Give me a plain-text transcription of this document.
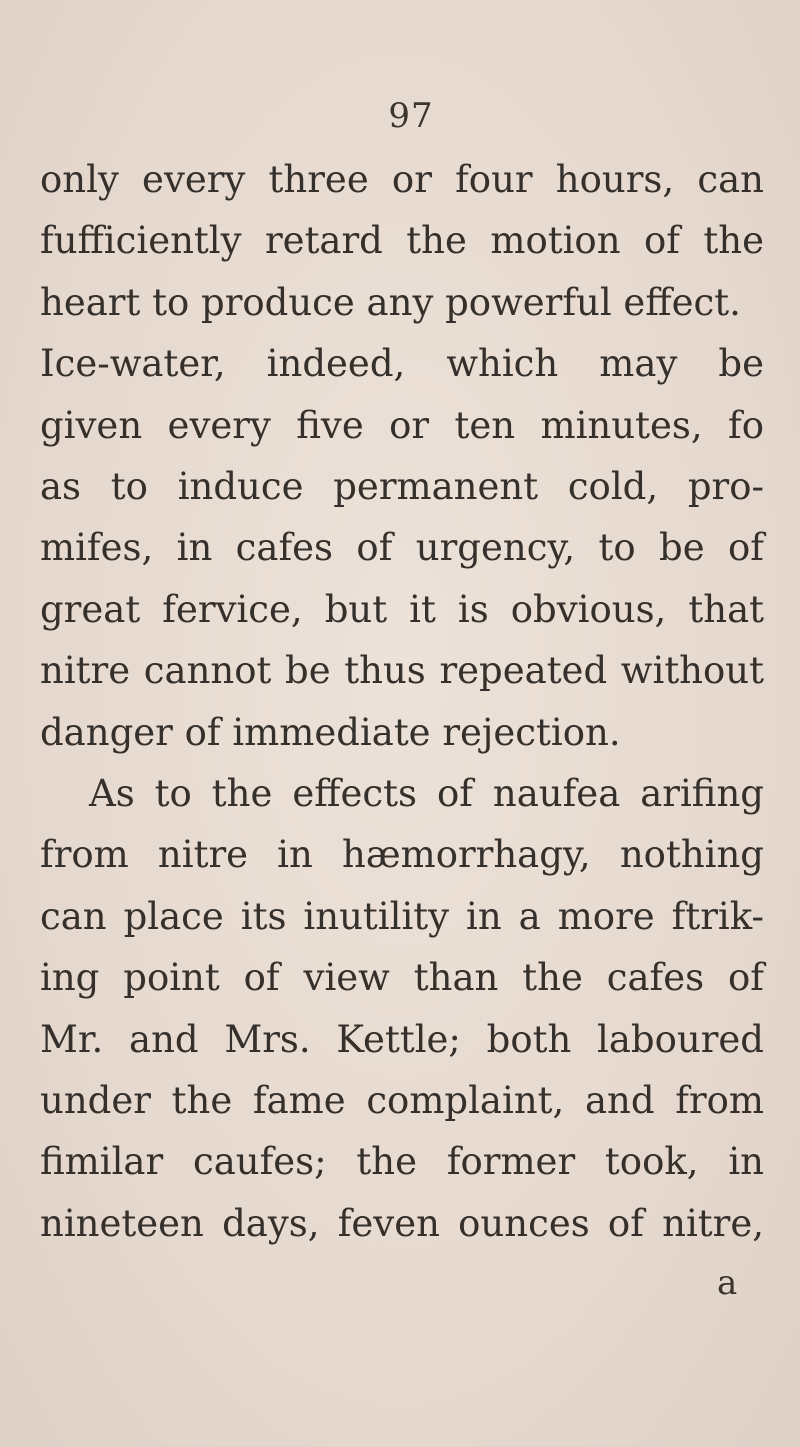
97
only every three or four hours, can
fufficiently retard the motion of the
heart to produce any powerful effect.
Ice-water, indeed, which may be
given every five or ten minutes, fo
as to induce permanent cold, pro-
mifes, in cafes of urgency, to be of
great fervice, but it is obvious, that
nitre cannot be thus repeated without
danger of immediate rejection.
As to the effects of naufea arifing
from nitre in hæmorrhagy, nothing
can place its inutility in a more ftrik-
ing point of view than the cafes of
Mr. and Mrs. Kettle; both laboured
under the fame complaint, and from
fimilar caufes; the former took, in
nineteen days, feven ounces of nitre,
a
